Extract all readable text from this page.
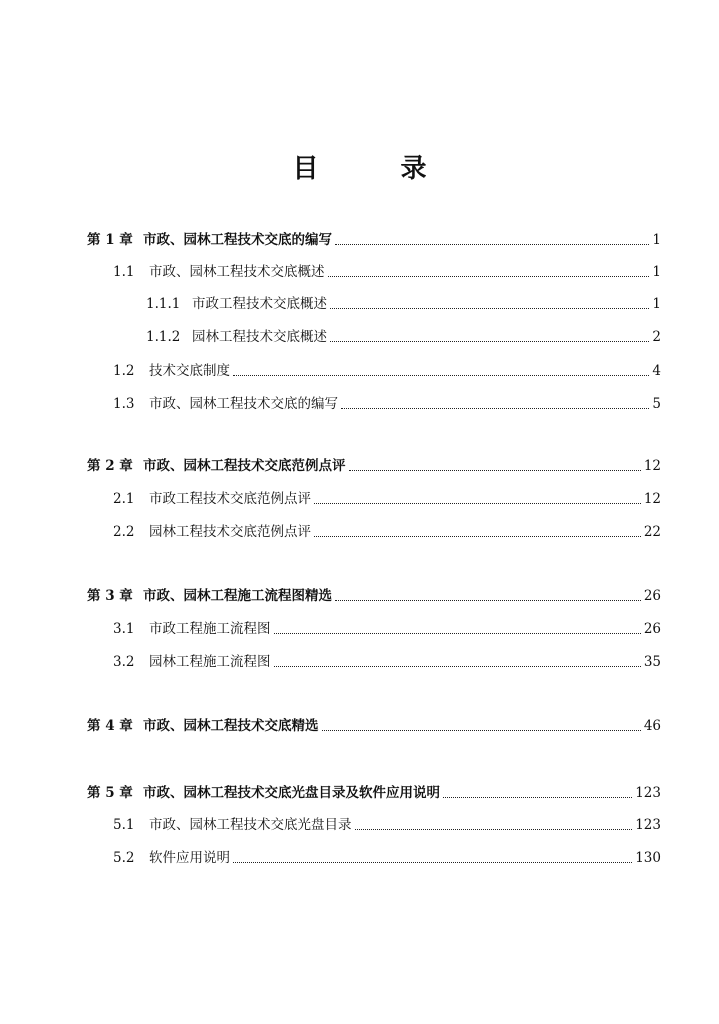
目　录
第 1 章 市政、园林工程技术交底的编写	1
1.1	市政、园林工程技术交底概述	1
1.1.1 市政工程技术交底概述	1
1.1.2 园林工程技术交底概述	2
1.2	技术交底制度	4
1.3	市政、园林工程技术交底的编写	5
第 2 章 市政、园林工程技术交底范例点评	12
2.1	市政工程技术交底范例点评	12
2.2	园林工程技术交底范例点评	22
第 3 章 市政、园林工程施工流程图精选	26
3.1	市政工程施工流程图	26
3.2	园林工程施工流程图	35
第 4 章 市政、园林工程技术交底精选	46
第 5 章 市政、园林工程技术交底光盘目录及软件应用说明	123
5.1	市政、园林工程技术交底光盘目录	123
5.2	软件应用说明	130
